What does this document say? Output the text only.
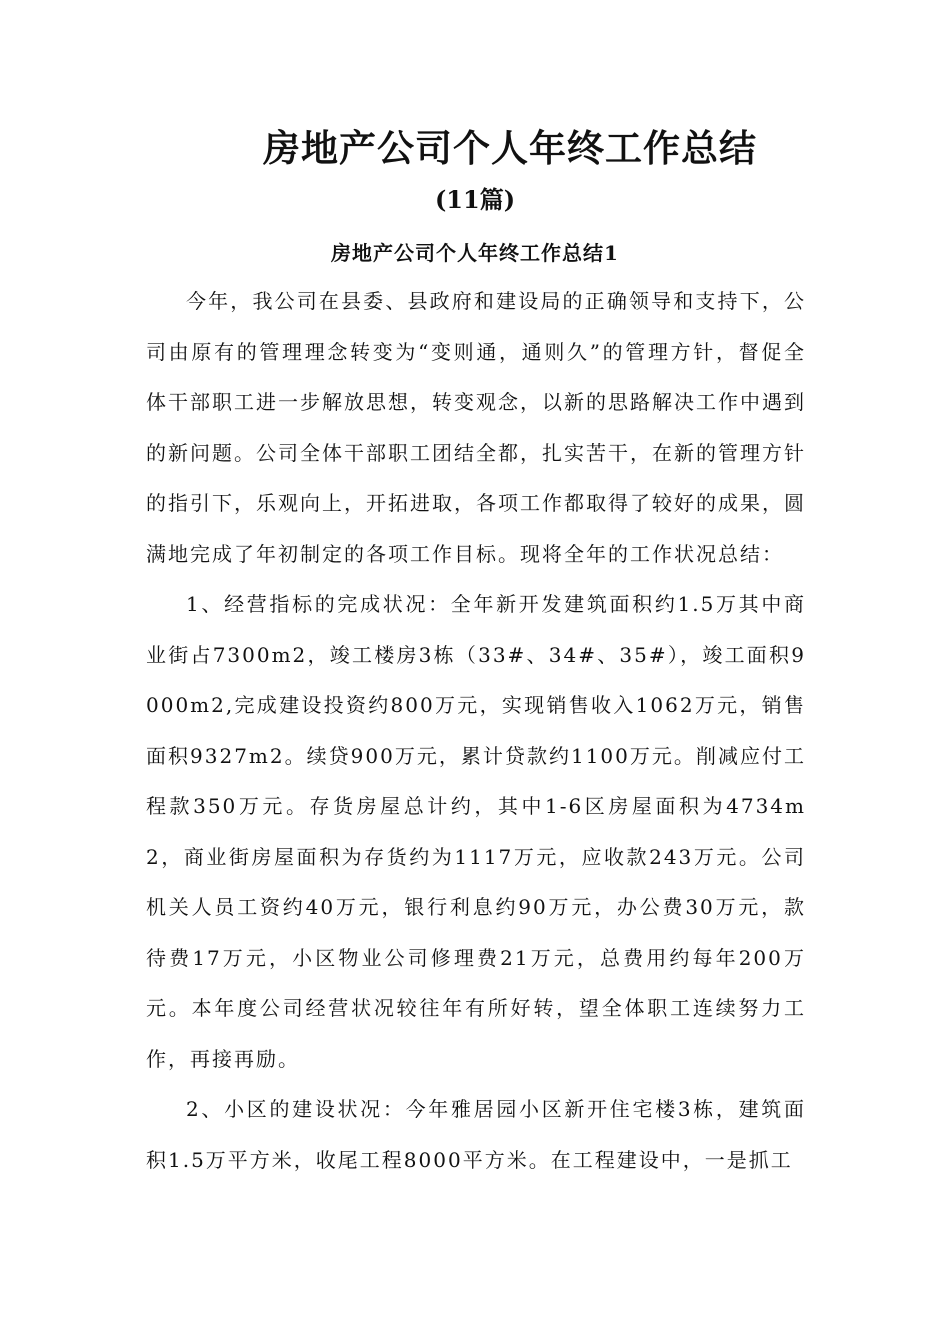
房地产公司个人年终工作总结
(11篇)
房地产公司个人年终工作总结1

今年，我公司在县委、县政府和建设局的正确领导和支持下，公司由原有的管理理念转变为“变则通，通则久”的管理方针，督促全体干部职工进一步解放思想，转变观念，以新的思路解决工作中遇到的新问题。公司全体干部职工团结全都，扎实苦干，在新的管理方针的指引下，乐观向上，开拓进取，各项工作都取得了较好的成果，圆满地完成了年初制定的各项工作目标。现将全年的工作状况总结：

1、经营指标的完成状况：全年新开发建筑面积约1.5万其中商业街占7300m2，竣工楼房3栋（33#、34#、35#），竣工面积9000m2,完成建设投资约800万元，实现销售收入1062万元，销售面积9327m2。续贷900万元，累计贷款约1100万元。削减应付工程款350万元。存货房屋总计约，其中1-6区房屋面积为4734m2，商业街房屋面积为存货约为1117万元，应收款243万元。公司机关人员工资约40万元，银行利息约90万元，办公费30万元，款待费17万元，小区物业公司修理费21万元，总费用约每年200万元。本年度公司经营状况较往年有所好转，望全体职工连续努力工作，再接再励。

2、小区的建设状况：今年雅居园小区新开住宅楼3栋，建筑面积1.5万平方米，收尾工程8000平方米。在工程建设中，一是抓工
